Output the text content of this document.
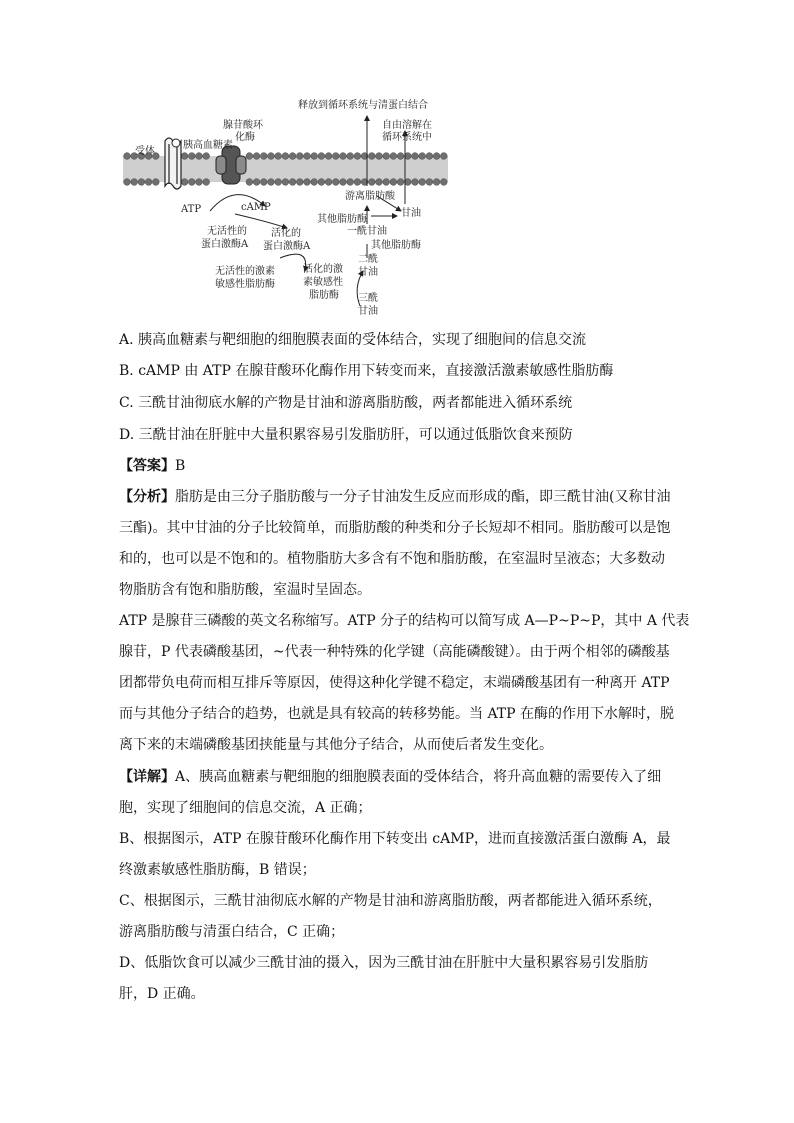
受体
胰高血糖素
腺苷酸环
化酶
释放到循环系统与清蛋白结合
自由溶解在
循环系统中
ATP	cAMP
无活性的
蛋白激酶A
活化的
蛋白激酶A
无活性的激素
敏感性脂肪酶
活化的激
素敏感性
脂肪酶
游离脂肪酸
其他脂肪酶
甘油
一酰甘油
其他脂肪酶
二酰
甘油
三酰
甘油
A. 胰高血糖素与靶细胞的细胞膜表面的受体结合，实现了细胞间的信息交流
B. cAMP 由 ATP 在腺苷酸环化酶作用下转变而来，直接激活激素敏感性脂肪酶
C. 三酰甘油彻底水解的产物是甘油和游离脂肪酸，两者都能进入循环系统
D. 三酰甘油在肝脏中大量积累容易引发脂肪肝，可以通过低脂饮食来预防
【答案】B
【分析】脂肪是由三分子脂肪酸与一分子甘油发生反应而形成的酯，即三酰甘油(又称甘油
三酯)。其中甘油的分子比较简单，而脂肪酸的种类和分子长短却不相同。脂肪酸可以是饱
和的，也可以是不饱和的。植物脂肪大多含有不饱和脂肪酸，在室温时呈液态；大多数动
物脂肪含有饱和脂肪酸，室温时呈固态。
ATP 是腺苷三磷酸的英文名称缩写。ATP 分子的结构可以简写成 A—P~P~P，其中 A 代表
腺苷，P 代表磷酸基团，~代表一种特殊的化学键（高能磷酸键）。由于两个相邻的磷酸基
团都带负电荷而相互排斥等原因，使得这种化学键不稳定，末端磷酸基团有一种离开 ATP
而与其他分子结合的趋势，也就是具有较高的转移势能。当 ATP 在酶的作用下水解时，脱
离下来的末端磷酸基团挟能量与其他分子结合，从而使后者发生变化。
【详解】A、胰高血糖素与靶细胞的细胞膜表面的受体结合，将升高血糖的需要传入了细
胞，实现了细胞间的信息交流，A 正确；
B、根据图示，ATP 在腺苷酸环化酶作用下转变出 cAMP，进而直接激活蛋白激酶 A，最
终激素敏感性脂肪酶，B 错误；
C、根据图示，三酰甘油彻底水解的产物是甘油和游离脂肪酸，两者都能进入循环系统，
游离脂肪酸与清蛋白结合，C 正确；
D、低脂饮食可以减少三酰甘油的摄入，因为三酰甘油在肝脏中大量积累容易引发脂肪
肝，D 正确。
